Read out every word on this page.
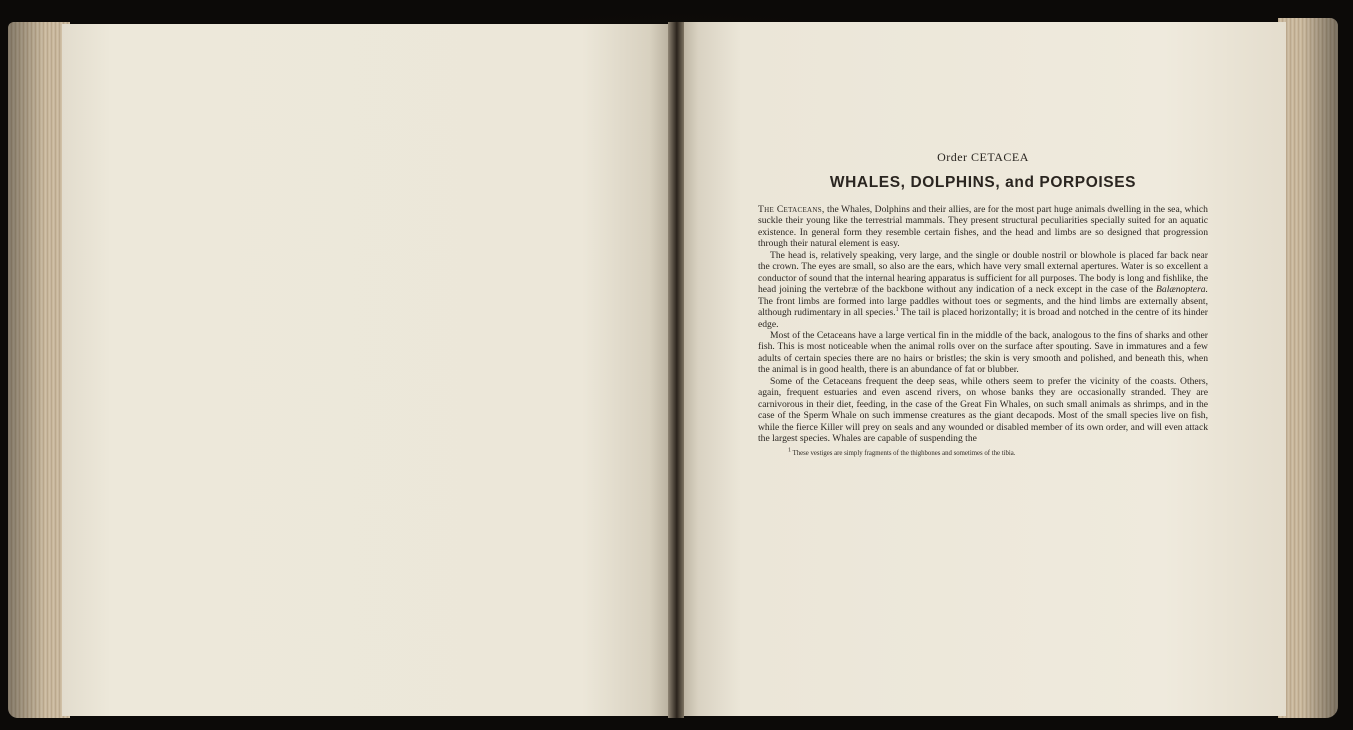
Order CETACEA
WHALES, DOLPHINS, and PORPOISES

The Cetaceans, the Whales, Dolphins and their allies, are for the most part huge animals dwelling in the sea, which suckle their young like the terrestrial mammals. They present structural peculiarities specially suited for an aquatic existence. In general form they resemble certain fishes, and the head and limbs are so designed that progression through their natural element is easy.

The head is, relatively speaking, very large, and the single or double nostril or blowhole is placed far back near the crown. The eyes are small, so also are the ears, which have very small external apertures. Water is so excellent a conductor of sound that the internal hearing apparatus is sufficient for all purposes. The body is long and fishlike, the head joining the vertebræ of the backbone without any indication of a neck except in the case of the Balænoptera. The front limbs are formed into large paddles without toes or segments, and the hind limbs are externally absent, although rudimentary in all species.$^1$ The tail is placed horizontally; it is broad and notched in the centre of its hinder edge.

Most of the Cetaceans have a large vertical fin in the middle of the back, analogous to the fins of sharks and other fish. This is most noticeable when the animal rolls over on the surface after spouting. Save in immatures and a few adults of certain species there are no hairs or bristles; the skin is very smooth and polished, and beneath this, when the animal is in good health, there is an abundance of fat or blubber.

Some of the Cetaceans frequent the deep seas, while others seem to prefer the vicinity of the coasts. Others, again, frequent estuaries and even ascend rivers, on whose banks they are occasionally stranded. They are carnivorous in their diet, feeding, in the case of the Great Fin Whales, on such small animals as shrimps, and in the case of the Sperm Whale on such immense creatures as the giant decapods. Most of the small species live on fish, while the fierce Killer will prey on seals and any wounded or disabled member of its own order, and will even attack the largest species. Whales are capable of suspending the

$^1$ These vestiges are simply fragments of the thighbones and sometimes of the tibia.
